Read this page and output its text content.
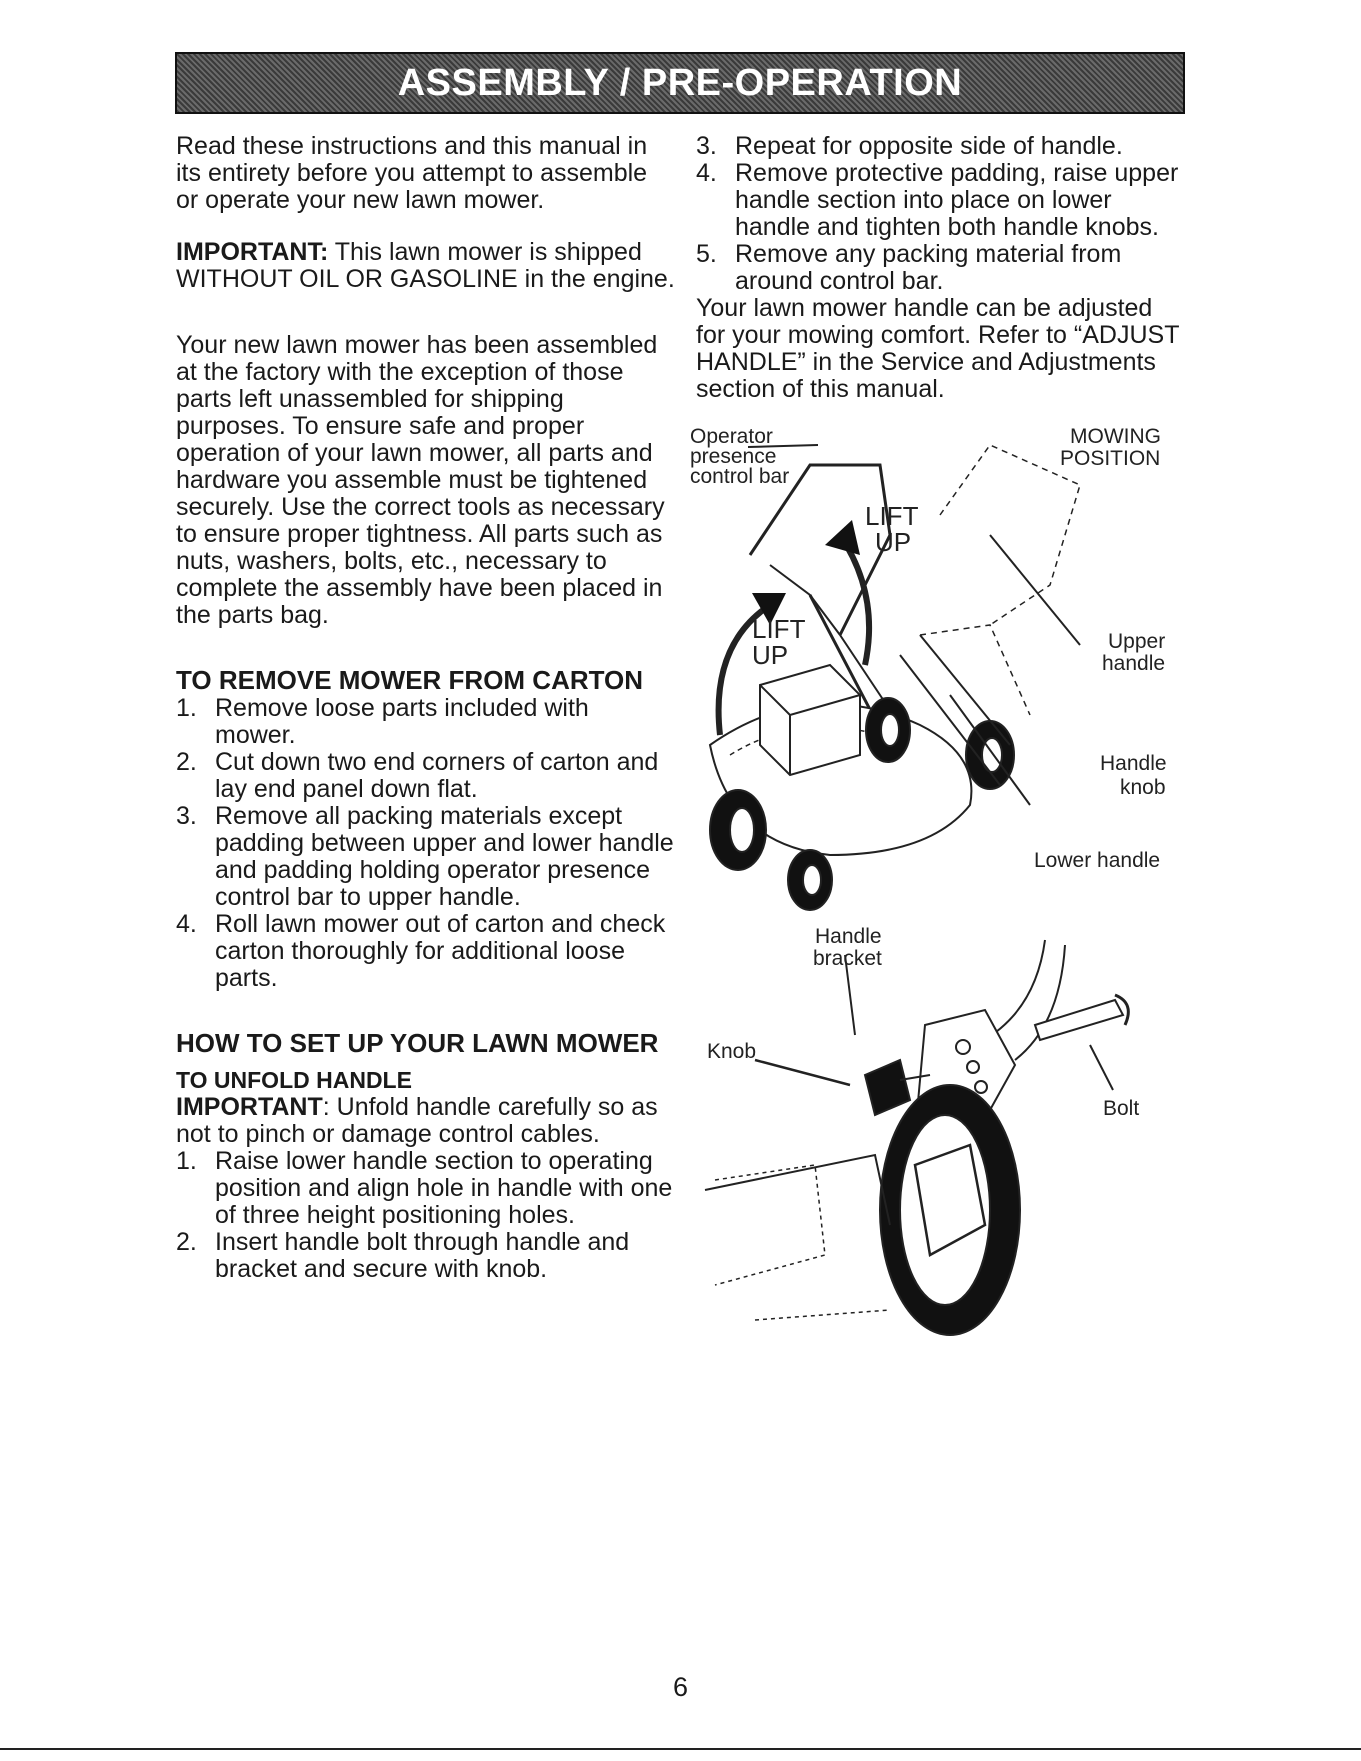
ASSEMBLY / PRE-OPERATION

Read these instructions and this manual in its entirety before you attempt to assemble or operate your new lawn mower.

IMPORTANT: This lawn mower is shipped WITHOUT OIL OR GASOLINE in the engine.

Your new lawn mower has been assembled at the factory with the exception of those parts left unassembled for shipping purposes. To ensure safe and proper operation of your lawn mower, all parts and hardware you assemble must be tightened securely. Use the correct tools as necessary to ensure proper tightness. All parts such as nuts, washers, bolts, etc., necessary to complete the assembly have been placed in the parts bag.

TO REMOVE MOWER FROM CARTON
1. Remove loose parts included with mower.
2. Cut down two end corners of carton and lay end panel down flat.
3. Remove all packing materials except padding between upper and lower handle and padding holding operator presence control bar to upper handle.
4. Roll lawn mower out of carton and check carton thoroughly for additional loose parts.
HOW TO SET UP YOUR LAWN MOWER
TO UNFOLD HANDLE

IMPORTANT: Unfold handle carefully so as not to pinch or damage control cables.

1. Raise lower handle section to operating position and align hole in handle with one of three height positioning holes.
2. Insert handle bolt through handle and bracket and secure with knob.
3. Repeat for opposite side of handle.
4. Remove protective padding, raise upper handle section into place on lower handle and tighten both handle knobs.
5. Remove any packing material from around control bar.

Your lawn mower handle can be adjusted for your mowing comfort. Refer to “ADJUST HANDLE” in the Service and Adjustments section of this manual.

Operator
presence
control bar
MOWING
POSITION
LIFT
UP
LIFT
UP	Upper
handle
Handle
knob
Lower handle
Handle
bracket
Knob
Bolt
6
